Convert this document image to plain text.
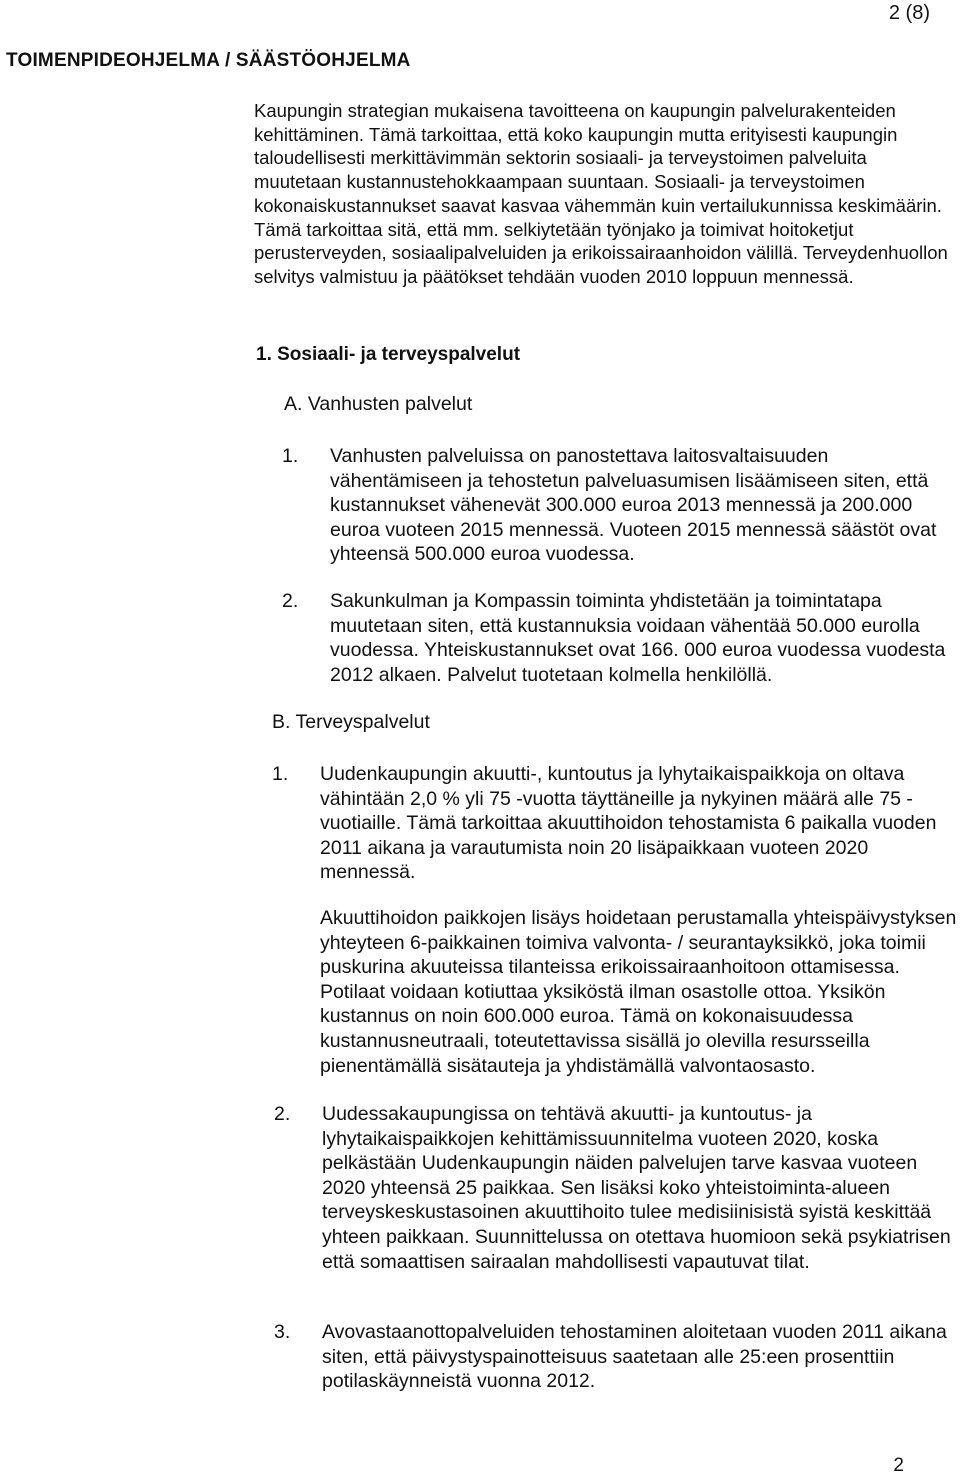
2 (8)
TOIMENPIDEOHJELMA / SÄÄSTÖOHJELMA

Kaupungin strategian mukaisena tavoitteena on kaupungin palvelurakenteiden kehittäminen. Tämä tarkoittaa, että koko kaupungin mutta erityisesti kaupungin taloudellisesti merkittävimmän sektorin sosiaali- ja terveystoimen palveluita muutetaan kustannustehokkaampaan suuntaan. Sosiaali- ja terveystoimen kokonaiskustannukset saavat kasvaa vähemmän kuin vertailukunnissa keskimäärin. Tämä tarkoittaa sitä, että mm. selkiytetään työnjako ja toimivat hoitoketjut perusterveyden, sosiaalipalveluiden ja erikoissairaanhoidon välillä. Terveydenhuollon selvitys valmistuu ja päätökset tehdään vuoden 2010 loppuun mennessä.

1. Sosiaali- ja terveyspalvelut
A. Vanhusten palvelut
1. Vanhusten palveluissa on panostettava laitosvaltaisuuden vähentämiseen ja tehostetun palveluasumisen lisäämiseen siten, että kustannukset vähenevät 300.000 euroa 2013 mennessä ja 200.000 euroa vuoteen 2015 mennessä. Vuoteen 2015 mennessä säästöt ovat yhteensä 500.000 euroa vuodessa.

2. Sakunkulman ja Kompassin toiminta yhdistetään ja toimintatapa muutetaan siten, että kustannuksia voidaan vähentää 50.000 eurolla vuodessa. Yhteiskustannukset ovat 166. 000 euroa vuodessa vuodesta 2012 alkaen. Palvelut tuotetaan kolmella henkilöllä.

B. Terveyspalvelut
1. Uudenkaupungin akuutti-, kuntoutus ja lyhytaikaispaikkoja on oltava vähintään 2,0 % yli 75 -vuotta täyttäneille ja nykyinen määrä alle 75 -vuotiaille. Tämä tarkoittaa akuuttihoidon tehostamista 6 paikalla vuoden 2011 aikana ja varautumista noin 20 lisäpaikkaan vuoteen 2020 mennessä.

Akuuttihoidon paikkojen lisäys hoidetaan perustamalla yhteispäivystyksen yhteyteen 6-paikkainen toimiva valvonta- / seurantayksikkö, joka toimii puskurina akuuteissa tilanteissa erikoissairaanhoitoon ottamisessa. Potilaat voidaan kotiuttaa yksiköstä ilman osastolle ottoa. Yksikön kustannus on noin 600.000 euroa. Tämä on kokonaisuudessa kustannusneutraali, toteutettavissa sisällä jo olevilla resursseilla pienentämällä sisätauteja ja yhdistämällä valvontaosasto.

2. Uudessakaupungissa on tehtävä akuutti- ja kuntoutus- ja lyhytaikaispaikkojen kehittämissuunnitelma vuoteen 2020, koska pelkästään Uudenkaupungin näiden palvelujen tarve kasvaa vuoteen 2020 yhteensä 25 paikkaa. Sen lisäksi koko yhteistoiminta-alueen terveyskeskustasoinen akuuttihoito tulee medisiinisistä syistä keskittää yhteen paikkaan. Suunnittelussa on otettava huomioon sekä psykiatrisen että somaattisen sairaalan mahdollisesti vapautuvat tilat.

3. Avovastaanottopalveluiden tehostaminen aloitetaan vuoden 2011 aikana siten, että päivystyspainotteisuus saatetaan alle 25:een prosenttiin potilaskäynneistä vuonna 2012.

2
